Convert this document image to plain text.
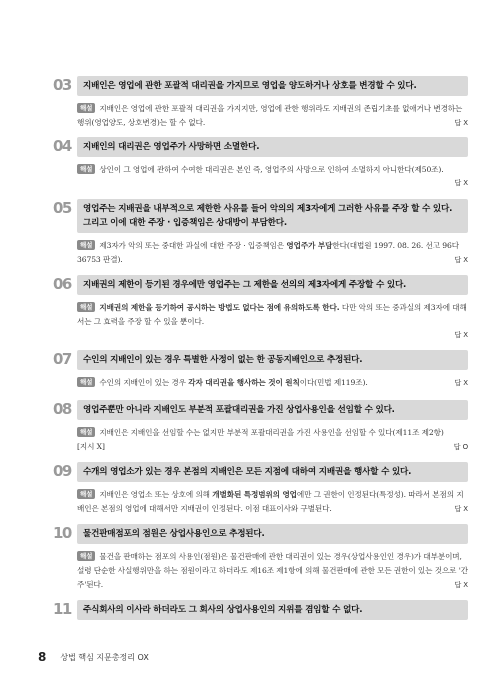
03	지배인은 영업에 관한 포괄적 대리권을 가지므로 영업을 양도하거나 상호를 변경할 수 있다.
해설 지배인은 영업에 관한 포괄적 대리권을 가지지만, 영업에 관한 행위라도 지배권의 존립기초를 없애거나 변경하는 행위(영업양도, 상호변경)는 할 수 없다.	답 X
04	지배인의 대리권은 영업주가 사망하면 소멸한다.
해설 상인이 그 영업에 관하여 수여한 대리권은 본인 즉, 영업주의 사망으로 인하여 소멸하지 아니한다(제50조).
답 X
05	영업주는 지배권을 내부적으로 제한한 사유를 들어 악의의 제3자에게 그러한 사유를 주장 할 수 있다. 그리고 이에 대한 주장 · 입증책임은 상대방이 부담한다.
해설 제3자가 악의 또는 중대한 과실에 대한 주장 · 입증책임은 영업주가 부담한다(대법원 1997. 08. 26. 선고 96다36753 판결).	답 X
06	지배권의 제한이 등기된 경우에만 영업주는 그 제한을 선의의 제3자에게 주장할 수 있다.
해설 지배권의 제한을 등기하여 공시하는 방법도 없다는 점에 유의하도록 한다. 다만 악의 또는 중과실의 제3자에 대해서는 그 효력을 주장 할 수 있을 뿐이다.
답 X
07	수인의 지배인이 있는 경우 특별한 사정이 없는 한 공동지배인으로 추정된다.
해설 수인의 지배인이 있는 경우 각자 대리권을 행사하는 것이 원칙이다(민법 제119조).	답 X
08	영업주뿐만 아니라 지배인도 부분적 포괄대리권을 가진 상업사용인을 선임할 수 있다.
해설 지배인은 지배인을 선임할 수는 없지만 부분적 포괄대리권을 가진 사용인을 선임할 수 있다(제11조 제2항)
[지시 X]	답 O
09	수개의 영업소가 있는 경우 본점의 지배인은 모든 지점에 대하여 지배권을 행사할 수 있다.
해설 지배인은 영업소 또는 상호에 의해 개별화된 특정범위의 영업에만 그 권한이 인정된다(특정성). 따라서 본점의 지배인은 본점의 영업에 대해서만 지배권이 인정된다. 이점 대표이사와 구별된다.	답 X
10	물건판매점포의 점원은 상업사용인으로 추정된다.
해설 물건을 판매하는 점포의 사용인(점원)은 물건판매에 관한 대리권이 있는 경우(상업사용인인 경우)가 대부분이며, 설령 단순한 사실행위만을 하는 점원이라고 하더라도 제16조 제1항에 의해 물건판매에 관한 모든 권한이 있는 것으로 '간주'된다.	답 X
11	주식회사의 이사라 하더라도 그 회사의 상업사용인의 지위를 겸임할 수 없다.
8 상법 핵심 지문총정리 OX
